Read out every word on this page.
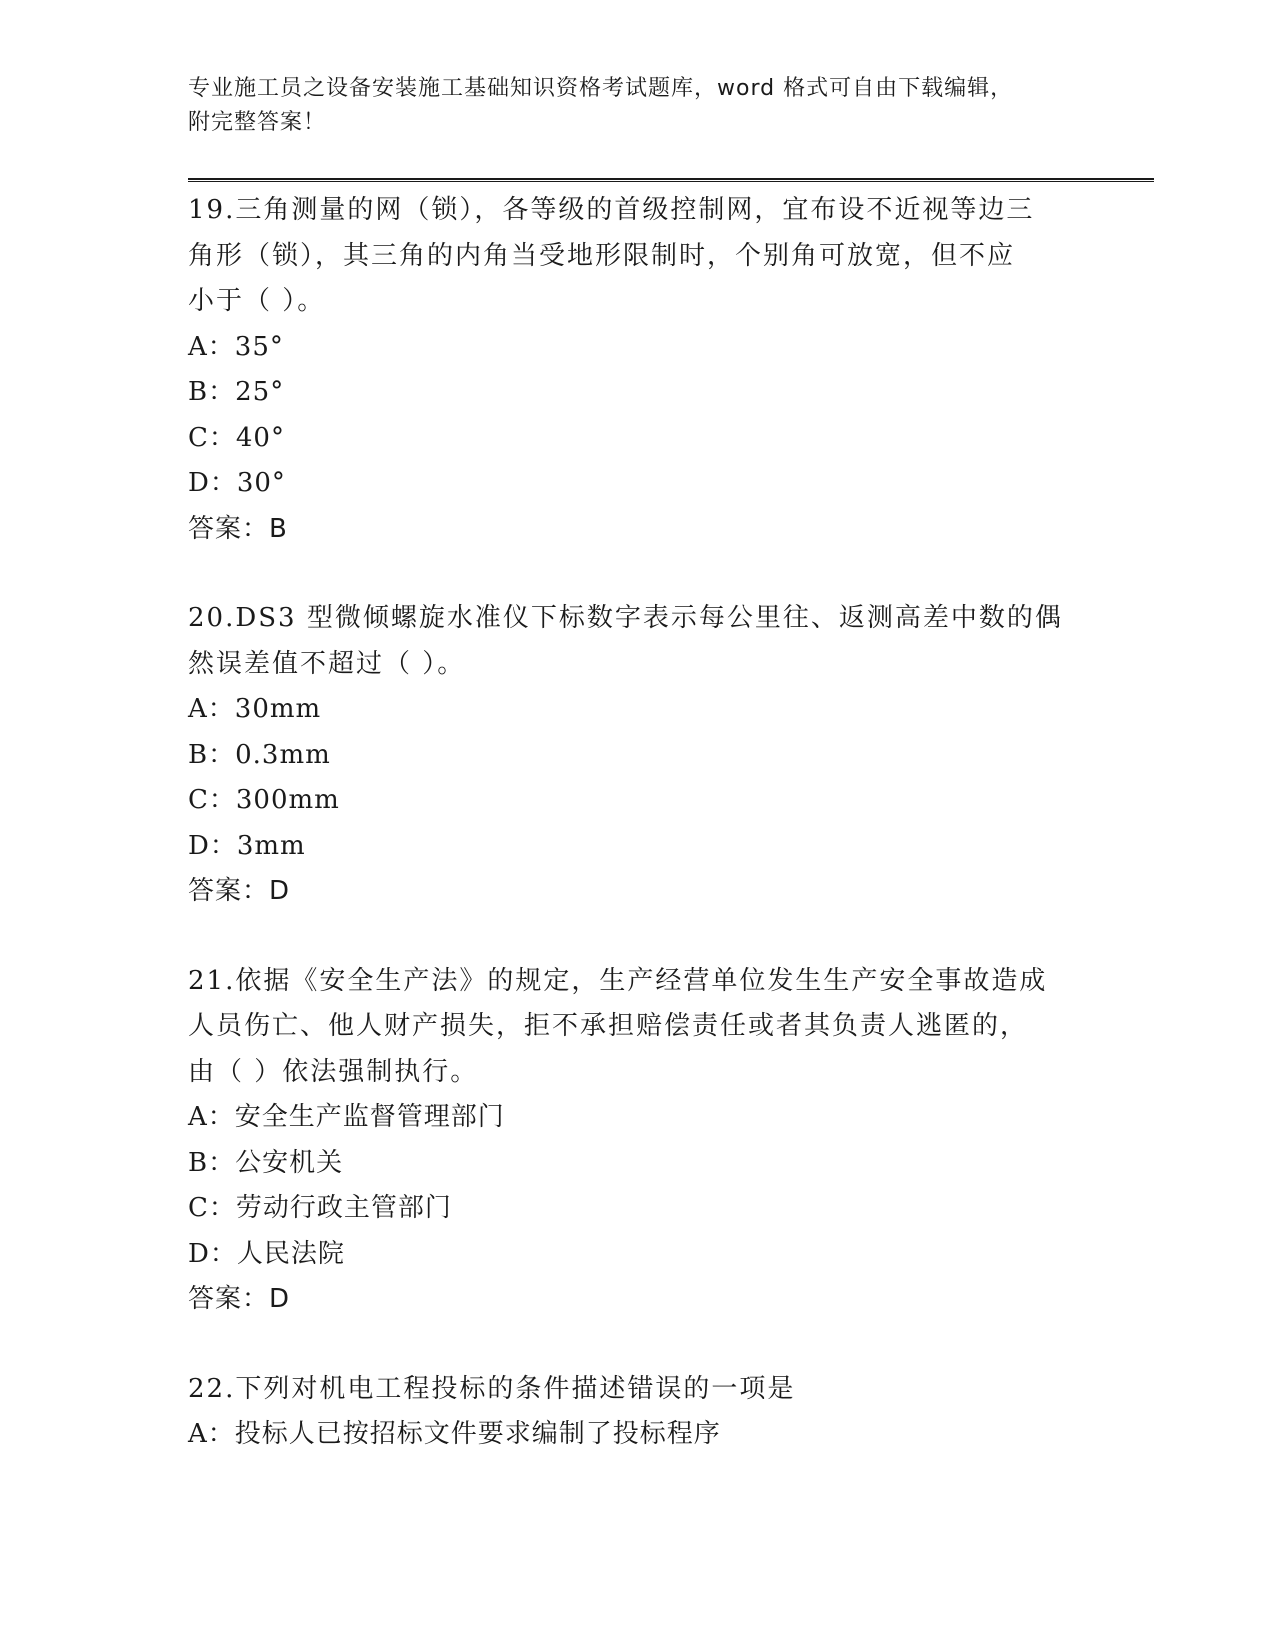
专业施工员之设备安装施工基础知识资格考试题库，word 格式可自由下载编辑，
附完整答案！
19.三角测量的网（锁），各等级的首级控制网，宜布设不近视等边三
角形（锁），其三角的内角当受地形限制时，个别角可放宽，但不应
小于（ ）。
A：35°
B：25°
C：40°
D：30°
答案：B
20.DS3 型微倾螺旋水准仪下标数字表示每公里往、返测高差中数的偶
然误差值不超过（ ）。
A：30mm
B：0.3mm
C：300mm
D：3mm
答案：D
21.依据《安全生产法》的规定，生产经营单位发生生产安全事故造成
人员伤亡、他人财产损失，拒不承担赔偿责任或者其负责人逃匿的，
由（ ）依法强制执行。
A：安全生产监督管理部门
B：公安机关
C：劳动行政主管部门
D：人民法院
答案：D
22.下列对机电工程投标的条件描述错误的一项是
A：投标人已按招标文件要求编制了投标程序
